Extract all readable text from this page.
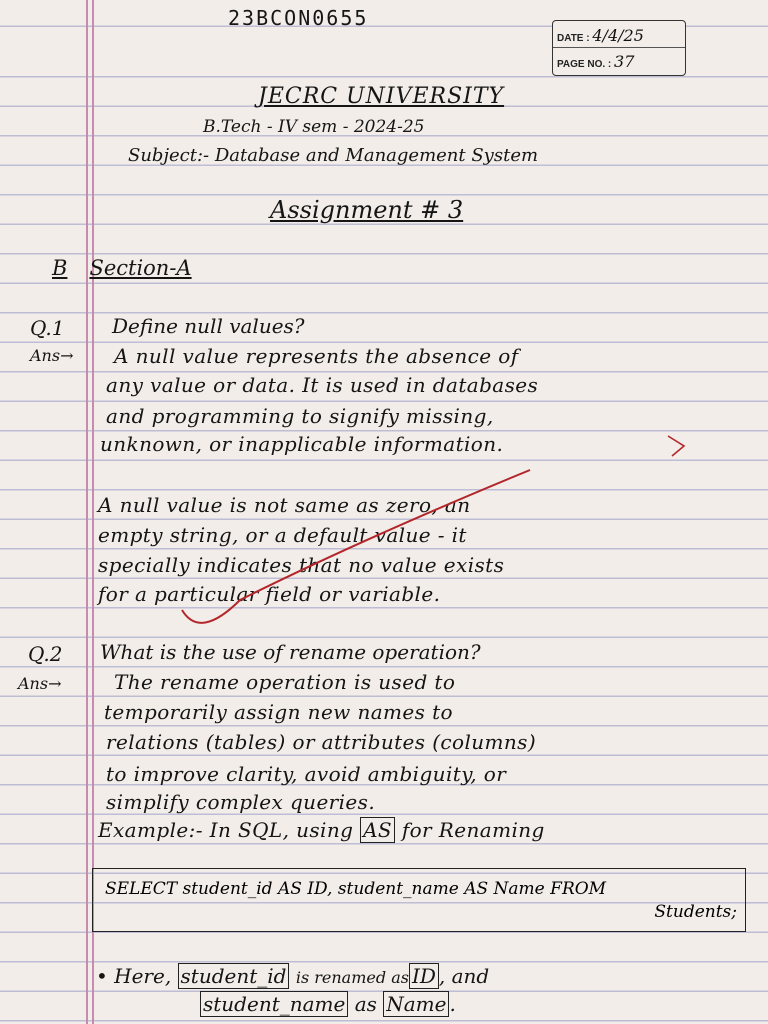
23BCON0655
DATE : 4/4/25
PAGE NO. : 37
JECRC UNIVERSITY
B.Tech - IV sem - 2024-25
Subject:- Database and Management System
Assignment # 3
B Section-A
Q.1 Define null values?
Ans→ A null value represents the absence of
any value or data. It is used in databases
and programming to signify missing,
unknown, or inapplicable information.
A null value is not same as zero, an
empty string, or a default value - it
specially indicates that no value exists
for a particular field or variable.
Q.2 What is the use of rename operation?
Ans→	The rename operation is used to
temporarily assign new names to
relations (tables) or attributes (columns)
to improve clarity, avoid ambiguity, or
simplify complex queries.
Example:- In SQL, using AS for Renaming
SELECT student_id AS ID, student_name AS Name FROM
Students;
• Here, student_id is renamed as ID , and
student_name as Name .
